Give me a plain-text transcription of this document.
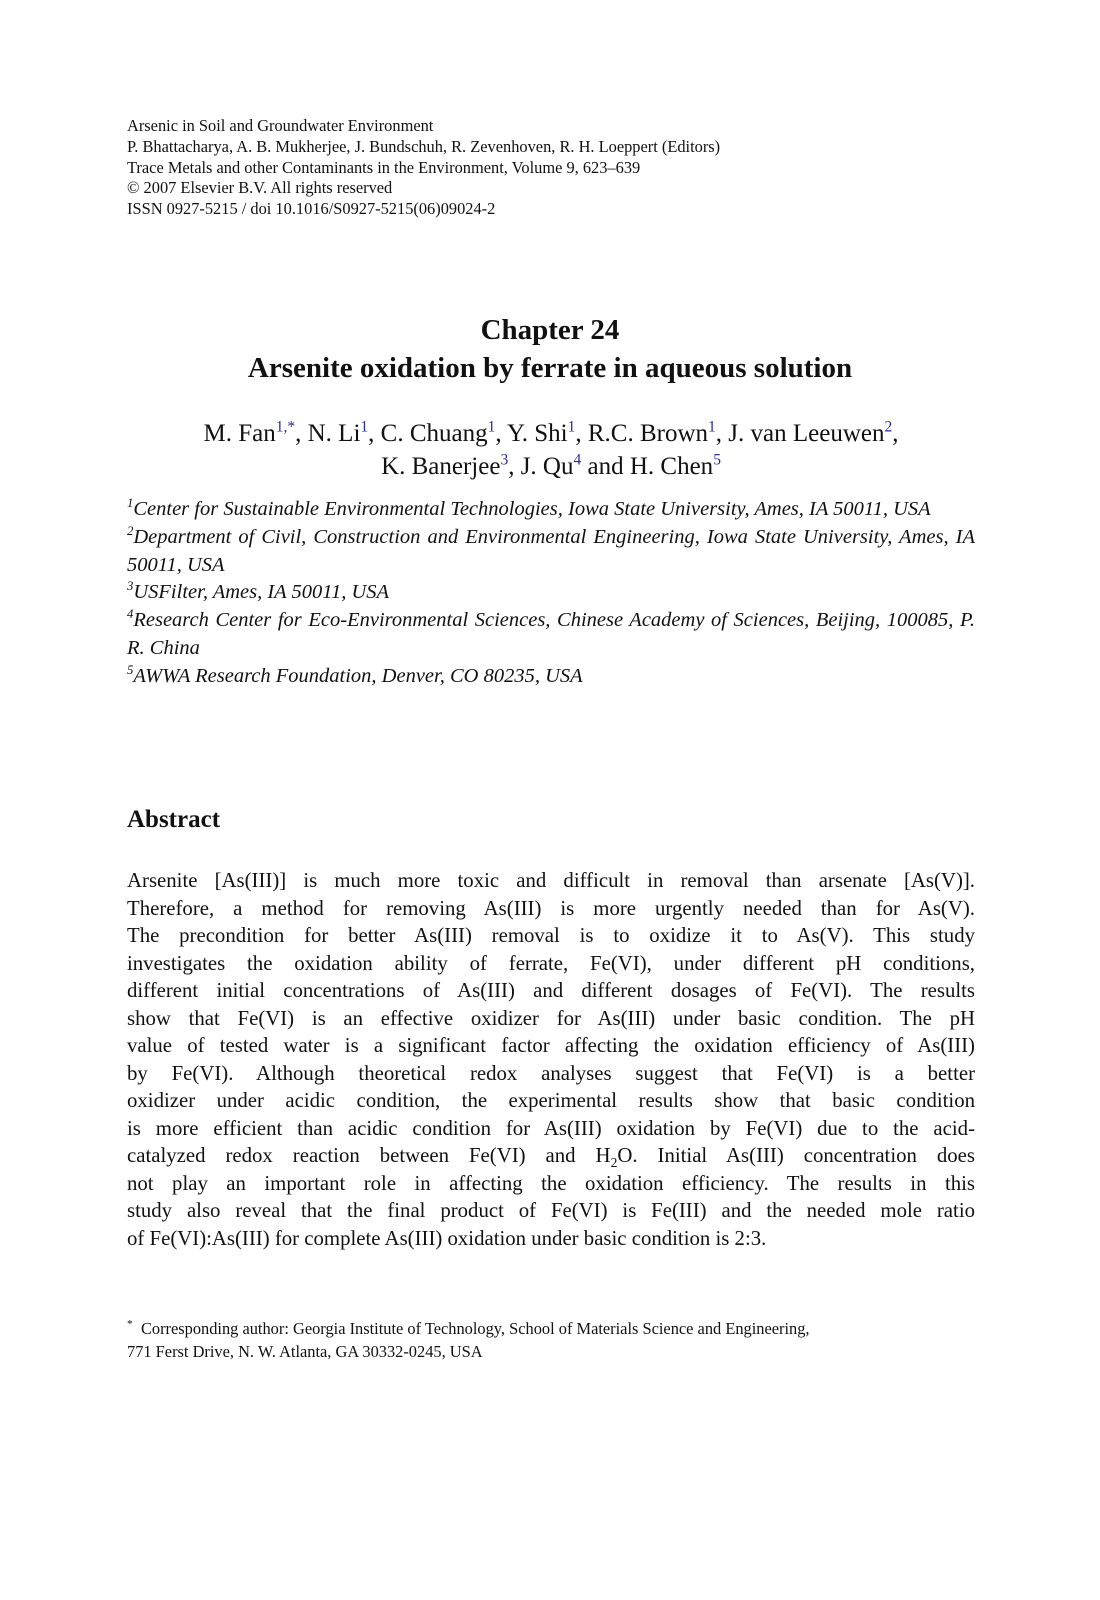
Arsenic in Soil and Groundwater Environment
P. Bhattacharya, A. B. Mukherjee, J. Bundschuh, R. Zevenhoven, R. H. Loeppert (Editors)
Trace Metals and other Contaminants in the Environment, Volume 9, 623–639
© 2007 Elsevier B.V. All rights reserved
ISSN 0927-5215 / doi 10.1016/S0927-5215(06)09024-2
Chapter 24
Arsenite oxidation by ferrate in aqueous solution
M. Fan$^{1,*}$, N. Li$^1$, C. Chuang$^1$, Y. Shi$^1$, R.C. Brown$^1$, J. van Leeuwen$^2$,
K. Banerjee$^3$, J. Qu$^4$ and H. Chen$^5$

$^1$Center for Sustainable Environmental Technologies, Iowa State University, Ames, IA 50011, USA

$^2$Department of Civil, Construction and Environmental Engineering, Iowa State University, Ames, IA 50011, USA

$^3$USFilter, Ames, IA 50011, USA

$^4$Research Center for Eco-Environmental Sciences, Chinese Academy of Sciences, Beijing, 100085, P. R. China

$^5$AWWA Research Foundation, Denver, CO 80235, USA

Abstract
Arsenite [As(III)] is much more toxic and difficult in removal than arsenate [As(V)].
Therefore, a method for removing As(III) is more urgently needed than for As(V).
The precondition for better As(III) removal is to oxidize it to As(V). This study
investigates the oxidation ability of ferrate, Fe(VI), under different pH conditions,
different initial concentrations of As(III) and different dosages of Fe(VI). The results
show that Fe(VI) is an effective oxidizer for As(III) under basic condition. The pH
value of tested water is a significant factor affecting the oxidation efficiency of As(III)
by Fe(VI). Although theoretical redox analyses suggest that Fe(VI) is a better
oxidizer under acidic condition, the experimental results show that basic condition
is more efficient than acidic condition for As(III) oxidation by Fe(VI) due to the acid-
catalyzed redox reaction between Fe(VI) and $H_2O$. Initial As(III) concentration does
not play an important role in affecting the oxidation efficiency. The results in this
study also reveal that the final product of Fe(VI) is Fe(III) and the needed mole ratio
of Fe(VI):As(III) for complete As(III) oxidation under basic condition is 2:3.
* Corresponding author: Georgia Institute of Technology, School of Materials Science and Engineering,
771 Ferst Drive, N. W. Atlanta, GA 30332-0245, USA
